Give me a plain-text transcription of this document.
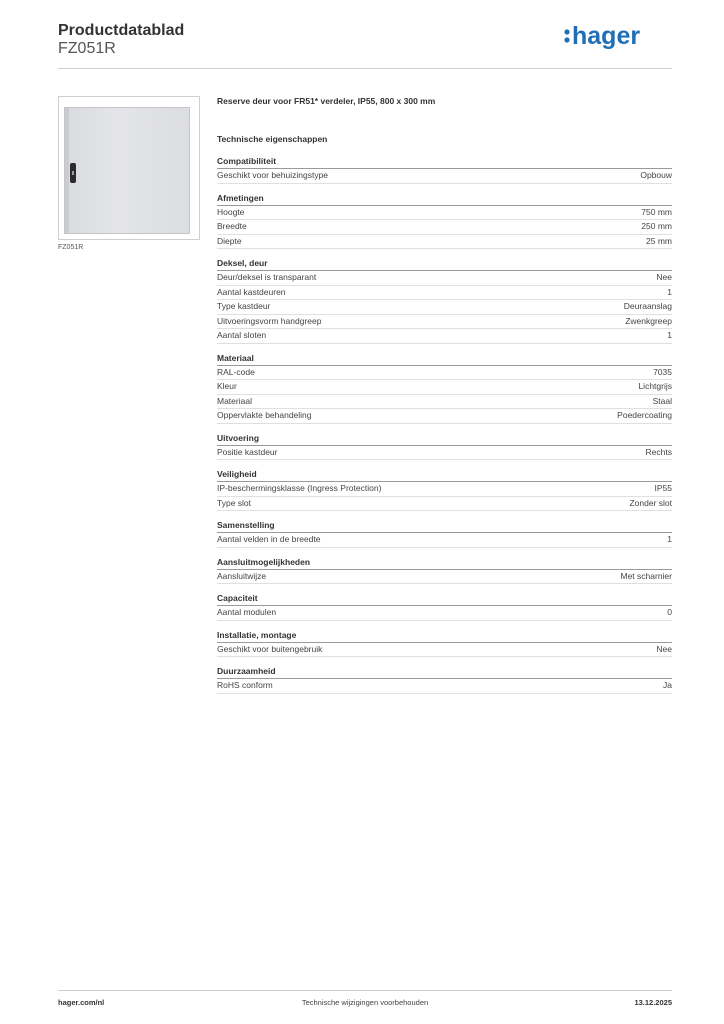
Productdatablad
FZ051R	hager
FZ051R
Reserve deur voor FR51* verdeler, IP55, 800 x 300 mm
Technische eigenschappen
Compatibiliteit
Geschikt voor behuizingstype	Opbouw
Afmetingen
Hoogte	750 mm
Breedte	250 mm
Diepte	25 mm
Deksel, deur
Deur/deksel is transparant	Nee
Aantal kastdeuren	1
Type kastdeur	Deuraanslag
Uitvoeringsvorm handgreep	Zwenkgreep
Aantal sloten	1
Materiaal
RAL-code	7035
Kleur	Lichtgrijs
Materiaal	Staal
Oppervlakte behandeling	Poedercoating
Uitvoering
Positie kastdeur	Rechts
Veiligheid
IP-beschermingsklasse (Ingress Protection)	IP55
Type slot	Zonder slot
Samenstelling
Aantal velden in de breedte	1
Aansluitmogelijkheden
Aansluitwijze	Met scharnier
Capaciteit
Aantal modulen	0
Installatie, montage
Geschikt voor buitengebruik	Nee
Duurzaamheid
RoHS conform	Ja
hager.com/nl	Technische wijzigingen voorbehouden	13.12.2025
